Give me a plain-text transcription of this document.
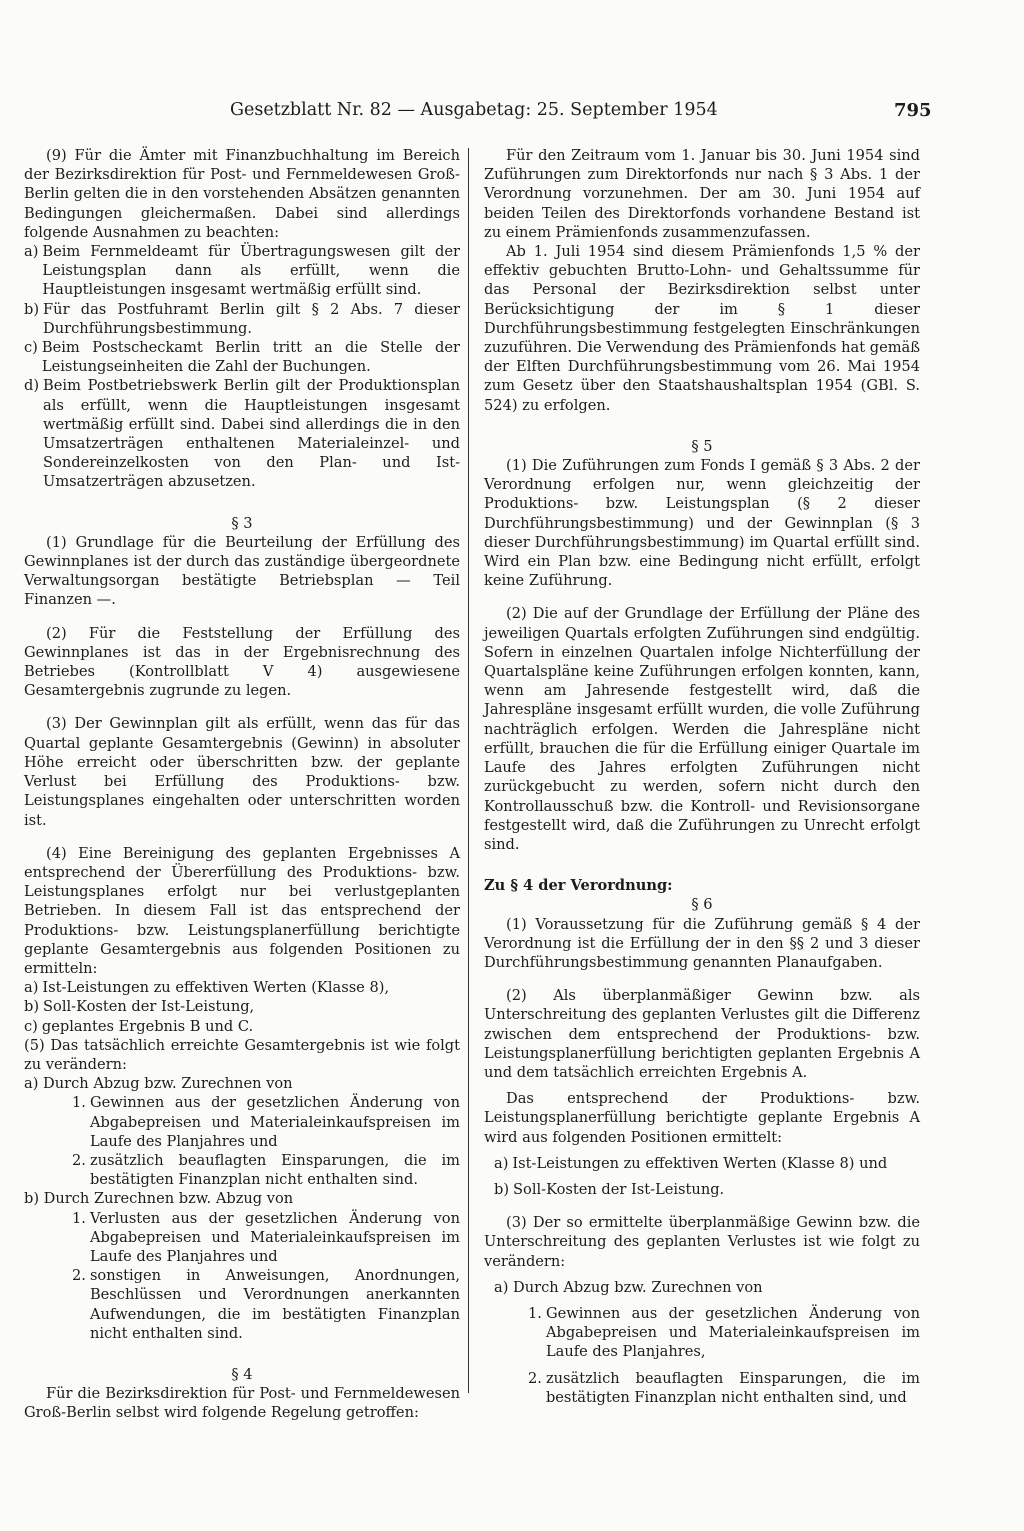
Gesetzblatt Nr. 82 — Ausgabetag: 25. September 1954	795

(9) Für die Ämter mit Finanzbuchhaltung im Bereich der Bezirksdirektion für Post- und Fernmeldewesen Groß-Berlin gelten die in den vorstehenden Absätzen genannten Bedingungen gleichermaßen. Dabei sind allerdings folgende Ausnahmen zu beachten:

a) Beim Fernmeldeamt für Übertragungswesen gilt der Leistungsplan dann als erfüllt, wenn die Hauptleistungen insgesamt wertmäßig erfüllt sind.
b) Für das Postfuhramt Berlin gilt § 2 Abs. 7 dieser Durchführungsbestimmung.
c) Beim Postscheckamt Berlin tritt an die Stelle der Leistungseinheiten die Zahl der Buchungen.
d) Beim Postbetriebswerk Berlin gilt der Produktionsplan als erfüllt, wenn die Hauptleistungen insgesamt wertmäßig erfüllt sind. Dabei sind allerdings die in den Umsatzerträgen enthaltenen Materialeinzel- und Sondereinzelkosten von den Plan- und Ist-Umsatzerträgen abzusetzen.

§ 3

(1) Grundlage für die Beurteilung der Erfüllung des Gewinnplanes ist der durch das zuständige übergeordnete Verwaltungsorgan bestätigte Betriebsplan — Teil Finanzen —.

(2) Für die Feststellung der Erfüllung des Gewinnplanes ist das in der Ergebnisrechnung des Betriebes (Kontrollblatt V 4) ausgewiesene Gesamtergebnis zugrunde zu legen.

(3) Der Gewinnplan gilt als erfüllt, wenn das für das Quartal geplante Gesamtergebnis (Gewinn) in absoluter Höhe erreicht oder überschritten bzw. der geplante Verlust bei Erfüllung des Produktions- bzw. Leistungsplanes eingehalten oder unterschritten worden ist.

(4) Eine Bereinigung des geplanten Ergebnisses A entsprechend der Übererfüllung des Produktions- bzw. Leistungsplanes erfolgt nur bei verlustgeplanten Betrieben. In diesem Fall ist das entsprechend der Produktions- bzw. Leistungsplanerfüllung berichtigte geplante Gesamtergebnis aus folgenden Positionen zu ermitteln:

a) Ist-Leistungen zu effektiven Werten (Klasse 8),
b) Soll-Kosten der Ist-Leistung,
c) geplantes Ergebnis B und C.

(5) Das tatsächlich erreichte Gesamtergebnis ist wie folgt zu verändern:

a) Durch Abzug bzw. Zurechnen von

1. Gewinnen aus der gesetzlichen Änderung von Abgabepreisen und Materialeinkaufspreisen im Laufe des Planjahres und
2. zusätzlich beauflagten Einsparungen, die im bestätigten Finanzplan nicht enthalten sind.

b) Durch Zurechnen bzw. Abzug von

1. Verlusten aus der gesetzlichen Änderung von Abgabepreisen und Materialeinkaufspreisen im Laufe des Planjahres und
2. sonstigen in Anweisungen, Anordnungen, Beschlüssen und Verordnungen anerkannten Aufwendungen, die im bestätigten Finanzplan nicht enthalten sind.

§ 4

Für die Bezirksdirektion für Post- und Fernmeldewesen Groß-Berlin selbst wird folgende Regelung getroffen:

Für den Zeitraum vom 1. Januar bis 30. Juni 1954 sind Zuführungen zum Direktorfonds nur nach § 3 Abs. 1 der Verordnung vorzunehmen. Der am 30. Juni 1954 auf beiden Teilen des Direktorfonds vorhandene Bestand ist zu einem Prämienfonds zusammenzufassen.

Ab 1. Juli 1954 sind diesem Prämienfonds 1,5 % der effektiv gebuchten Brutto-Lohn- und Gehaltssumme für das Personal der Bezirksdirektion selbst unter Berücksichtigung der im § 1 dieser Durchführungsbestimmung festgelegten Einschränkungen zuzuführen. Die Verwendung des Prämienfonds hat gemäß der Elften Durchführungsbestimmung vom 26. Mai 1954 zum Gesetz über den Staatshaushaltsplan 1954 (GBl. S. 524) zu erfolgen.

§ 5

(1) Die Zuführungen zum Fonds I gemäß § 3 Abs. 2 der Verordnung erfolgen nur, wenn gleichzeitig der Produktions- bzw. Leistungsplan (§ 2 dieser Durchführungsbestimmung) und der Gewinnplan (§ 3 dieser Durchführungsbestimmung) im Quartal erfüllt sind. Wird ein Plan bzw. eine Bedingung nicht erfüllt, erfolgt keine Zuführung.

(2) Die auf der Grundlage der Erfüllung der Pläne des jeweiligen Quartals erfolgten Zuführungen sind endgültig. Sofern in einzelnen Quartalen infolge Nichterfüllung der Quartalspläne keine Zuführungen erfolgen konnten, kann, wenn am Jahresende festgestellt wird, daß die Jahrespläne insgesamt erfüllt wurden, die volle Zuführung nachträglich erfolgen. Werden die Jahrespläne nicht erfüllt, brauchen die für die Erfüllung einiger Quartale im Laufe des Jahres erfolgten Zuführungen nicht zurückgebucht zu werden, sofern nicht durch den Kontrollausschuß bzw. die Kontroll- und Revisionsorgane festgestellt wird, daß die Zuführungen zu Unrecht erfolgt sind.

Zu § 4 der Verordnung:

§ 6

(1) Voraussetzung für die Zuführung gemäß § 4 der Verordnung ist die Erfüllung der in den §§ 2 und 3 dieser Durchführungsbestimmung genannten Planaufgaben.

(2) Als überplanmäßiger Gewinn bzw. als Unterschreitung des geplanten Verlustes gilt die Differenz zwischen dem entsprechend der Produktions- bzw. Leistungsplanerfüllung berichtigten geplanten Ergebnis A und dem tatsächlich erreichten Ergebnis A.

Das entsprechend der Produktions- bzw. Leistungsplanerfüllung berichtigte geplante Ergebnis A wird aus folgenden Positionen ermittelt:

a) Ist-Leistungen zu effektiven Werten (Klasse 8) und
b) Soll-Kosten der Ist-Leistung.

(3) Der so ermittelte überplanmäßige Gewinn bzw. die Unterschreitung des geplanten Verlustes ist wie folgt zu verändern:

a) Durch Abzug bzw. Zurechnen von

1. Gewinnen aus der gesetzlichen Änderung von Abgabepreisen und Materialeinkaufspreisen im Laufe des Planjahres,
2. zusätzlich beauflagten Einsparungen, die im bestätigten Finanzplan nicht enthalten sind, und
